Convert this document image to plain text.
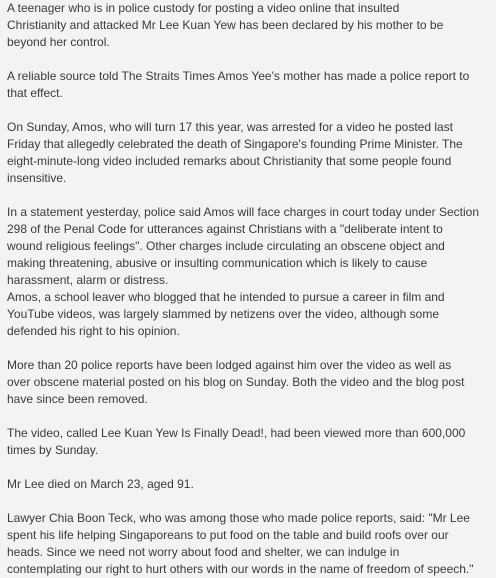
A teenager who is in police custody for posting a video online that insulted
Christianity and attacked Mr Lee Kuan Yew has been declared by his mother to be
beyond her control.

A reliable source told The Straits Times Amos Yee's mother has made a police report to
that effect.

On Sunday, Amos, who will turn 17 this year, was arrested for a video he posted last
Friday that allegedly celebrated the death of Singapore's founding Prime Minister. The
eight-minute-long video included remarks about Christianity that some people found
insensitive.

In a statement yesterday, police said Amos will face charges in court today under Section
298 of the Penal Code for utterances against Christians with a "deliberate intent to
wound religious feelings". Other charges include circulating an obscene object and
making threatening, abusive or insulting communication which is likely to cause
harassment, alarm or distress.

Amos, a school leaver who blogged that he intended to pursue a career in film and
YouTube videos, was largely slammed by netizens over the video, although some
defended his right to his opinion.

More than 20 police reports have been lodged against him over the video as well as
over obscene material posted on his blog on Sunday. Both the video and the blog post
have since been removed.

The video, called Lee Kuan Yew Is Finally Dead!, had been viewed more than 600,000
times by Sunday.

Mr Lee died on March 23, aged 91.

Lawyer Chia Boon Teck, who was among those who made police reports, said: "Mr Lee
spent his life helping Singaporeans to put food on the table and build roofs over our
heads. Since we need not worry about food and shelter, we can indulge in
contemplating our right to hurt others with our words in the name of freedom of speech."
